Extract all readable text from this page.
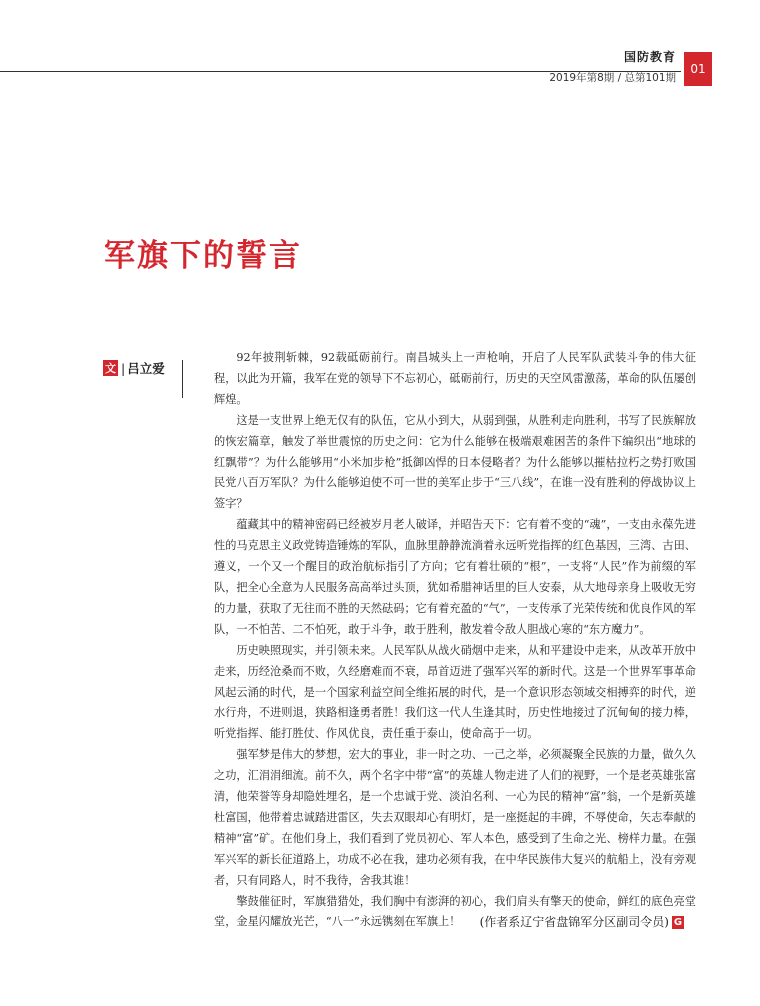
国防教育
2019年第8期 / 总第101期
01
军旗下的誓言
文 | 吕立爱

92年披荆斩棘，92载砥砺前行。南昌城头上一声枪响，开启了人民军队武装斗争的伟大征程，以此为开篇，我军在党的领导下不忘初心，砥砺前行，历史的天空风雷激荡，革命的队伍屡创辉煌。

这是一支世界上绝无仅有的队伍，它从小到大，从弱到强，从胜利走向胜利，书写了民族解放的恢宏篇章，触发了举世震惊的历史之问：它为什么能够在极端艰难困苦的条件下编织出“地球的红飘带”？为什么能够用“小米加步枪”抵御凶悍的日本侵略者？为什么能够以摧枯拉朽之势打败国民党八百万军队？为什么能够迫使不可一世的美军止步于“三八线”，在谁一没有胜利的停战协议上签字？

蕴藏其中的精神密码已经被岁月老人破译，并昭告天下：它有着不变的“魂”，一支由永葆先进性的马克思主义政党铸造锤炼的军队，血脉里静静流淌着永远听党指挥的红色基因，三湾、古田、遵义，一个又一个醒目的政治航标指引了方向；它有着壮硕的“根”，一支将“人民”作为前缀的军队，把全心全意为人民服务高高举过头顶，犹如希腊神话里的巨人安泰，从大地母亲身上吸收无穷的力量，获取了无往而不胜的天然砝码；它有着充盈的“气”，一支传承了光荣传统和优良作风的军队，一不怕苦、二不怕死，敢于斗争，敢于胜利，散发着令敌人胆战心寒的“东方魔力”。

历史映照现实，并引领未来。人民军队从战火硝烟中走来，从和平建设中走来，从改革开放中走来，历经沧桑而不败，久经磨难而不衰，昂首迈进了强军兴军的新时代。这是一个世界军事革命风起云涌的时代，是一个国家利益空间全维拓展的时代，是一个意识形态领域交相搏弈的时代，逆水行舟，不进则退，狭路相逢勇者胜！我们这一代人生逢其时，历史性地接过了沉甸甸的接力棒，听党指挥、能打胜仗、作风优良，责任重于泰山，使命高于一切。

强军梦是伟大的梦想，宏大的事业，非一时之功、一己之举，必须凝聚全民族的力量，做久久之功，汇涓涓细流。前不久，两个名字中带“富”的英雄人物走进了人们的视野，一个是老英雄张富清，他荣誉等身却隐姓埋名，是一个忠诚于党、淡泊名利、一心为民的精神“富”翁，一个是新英雄杜富国，他带着忠诚踏进雷区，失去双眼却心有明灯，是一座挺起的丰碑，不辱使命，矢志奉献的精神“富”矿。在他们身上，我们看到了党员初心、军人本色，感受到了生命之光、榜样力量。在强军兴军的新长征道路上，功成不必在我，建功必须有我，在中华民族伟大复兴的航船上，没有旁观者，只有同路人，时不我待，舍我其谁！

擎鼓催征时，军旗猎猎处，我们胸中有澎湃的初心，我们肩头有擎天的使命，鲜红的底色亮堂堂，金星闪耀放光芒，“八一”永远镌刻在军旗上！	(作者系辽宁省盘锦军分区副司令员) G
